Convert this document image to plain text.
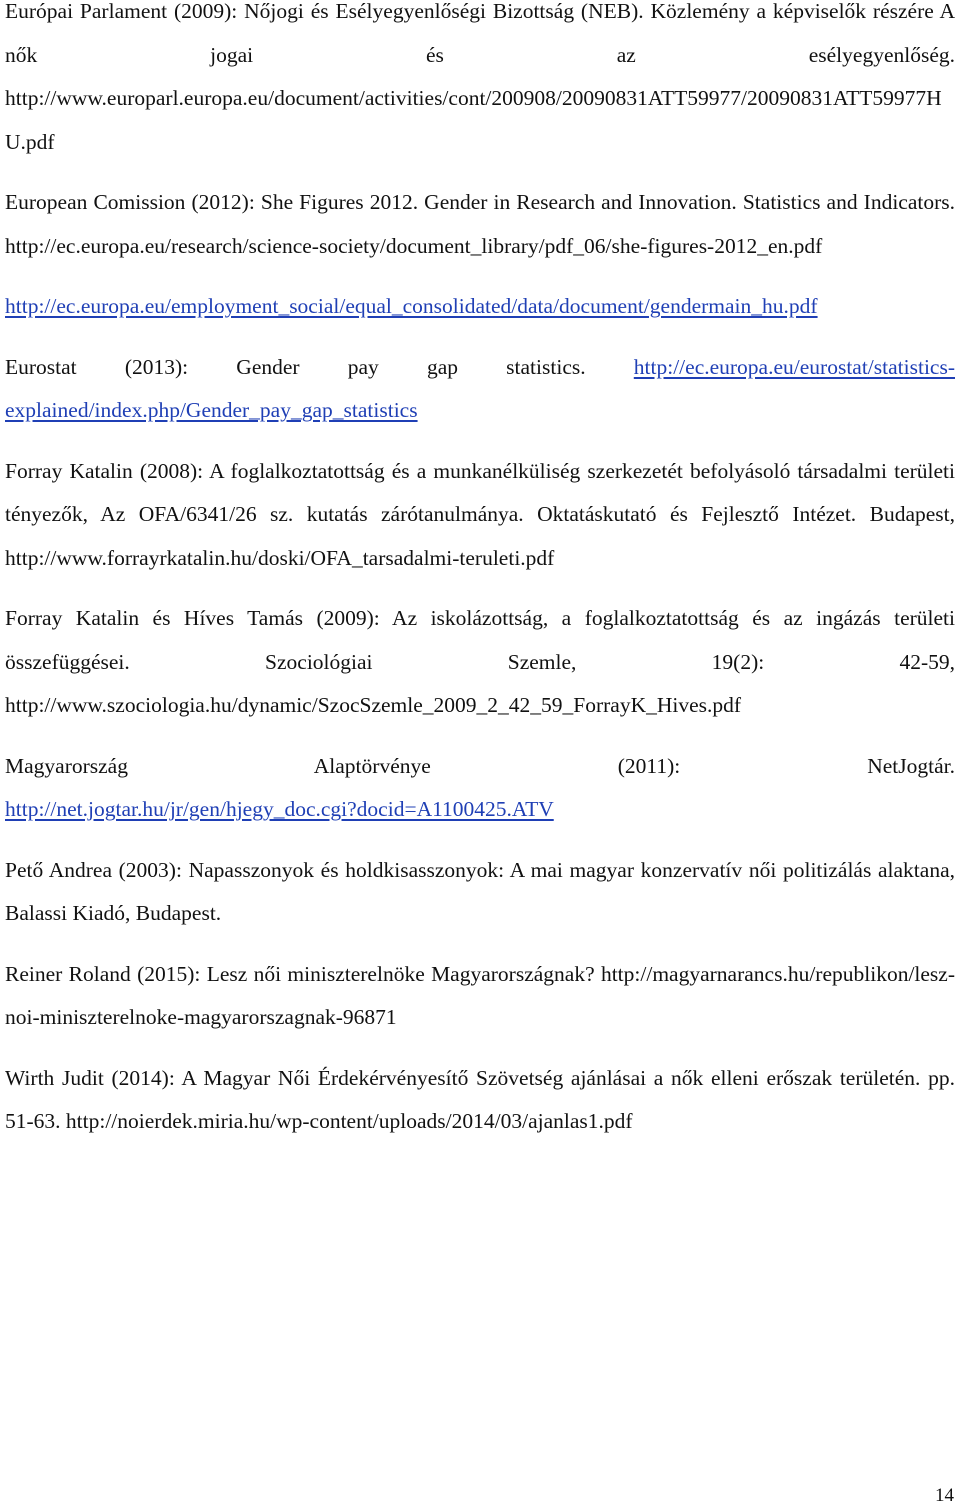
Európai Parlament (2009): Nőjogi és Esélyegyenlőségi Bizottság (NEB). Közlemény a képviselők részére A nők jogai és az esélyegyenlőség. http://www.europarl.europa.eu/document/activities/cont/200908/20090831ATT59977/20090831ATT59977HU.pdf

European Comission (2012): She Figures 2012. Gender in Research and Innovation. Statistics and Indicators. http://ec.europa.eu/research/science-society/document_library/pdf_06/she-figures-2012_en.pdf

http://ec.europa.eu/employment_social/equal_consolidated/data/document/gendermain_hu.pdf

Eurostat (2013): Gender pay gap statistics. http://ec.europa.eu/eurostat/statistics-explained/index.php/Gender_pay_gap_statistics

Forray Katalin (2008): A foglalkoztatottság és a munkanélküliség szerkezetét befolyásoló társadalmi területi tényezők, Az OFA/6341/26 sz. kutatás zárótanulmánya. Oktatáskutató és Fejlesztő Intézet. Budapest, http://www.forrayrkatalin.hu/doski/OFA_tarsadalmi-teruleti.pdf

Forray Katalin és Híves Tamás (2009): Az iskolázottság, a foglalkoztatottság és az ingázás területi összefüggései. Szociológiai Szemle, 19(2): 42-59, http://www.szociologia.hu/dynamic/SzocSzemle_2009_2_42_59_ForrayK_Hives.pdf

Magyarország Alaptörvénye (2011): NetJogtár.
http://net.jogtar.hu/jr/gen/hjegy_doc.cgi?docid=A1100425.ATV

Pető Andrea (2003): Napasszonyok és holdkisasszonyok: A mai magyar konzervatív női politizálás alaktana, Balassi Kiadó, Budapest.

Reiner Roland (2015): Lesz női miniszterelnöke Magyarországnak? http://magyarnarancs.hu/republikon/lesz-noi-miniszterelnoke-magyarorszagnak-96871

Wirth Judit (2014): A Magyar Női Érdekérvényesítő Szövetség ajánlásai a nők elleni erőszak területén. pp. 51-63. http://noierdek.miria.hu/wp-content/uploads/2014/03/ajanlas1.pdf

14
